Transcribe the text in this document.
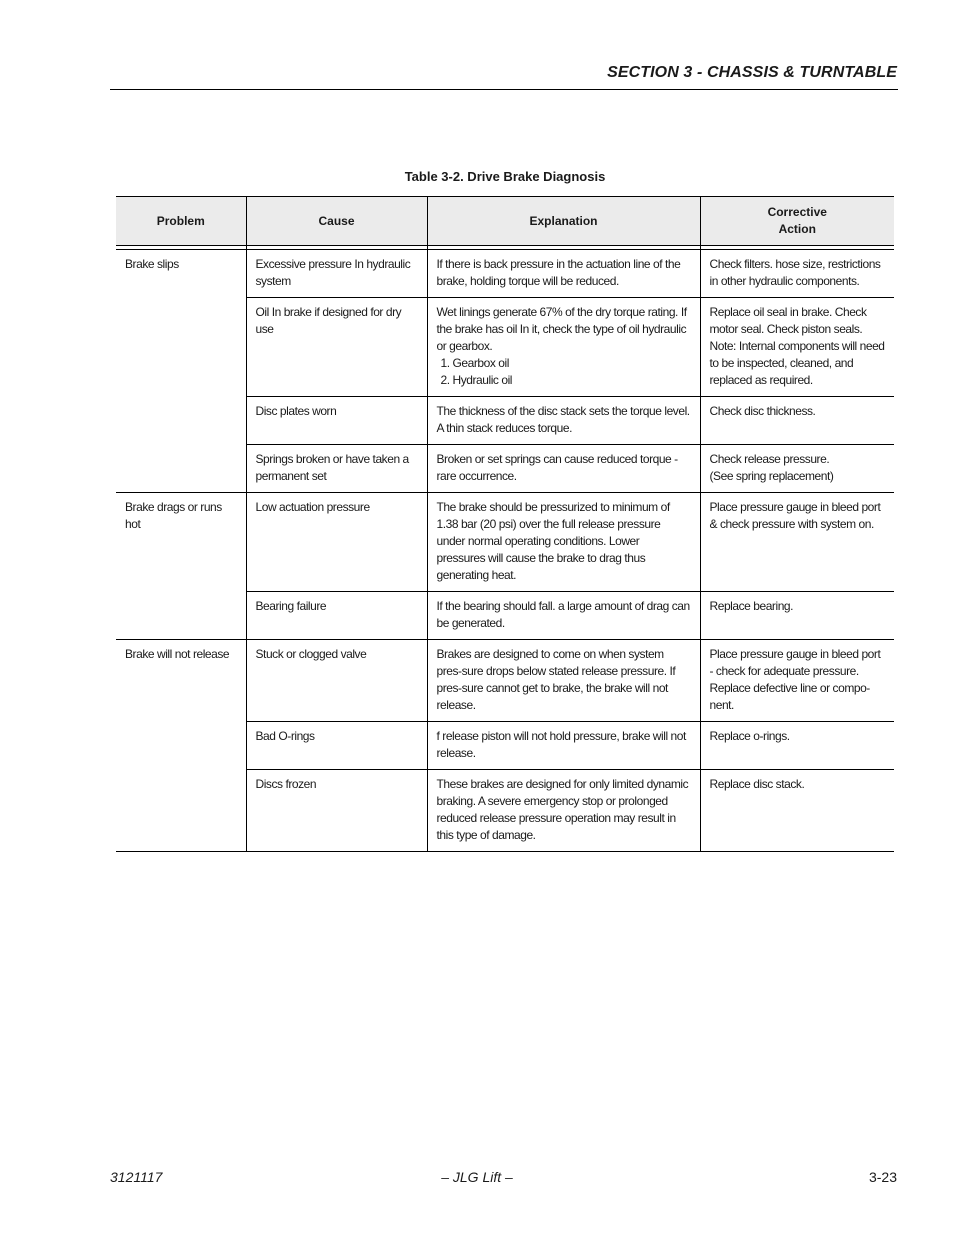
SECTION 3 - CHASSIS & TURNTABLE
Table 3-2. Drive Brake Diagnosis
Problem	Cause	Explanation	Corrective
Action

Brake slips	Excessive pressure In hydraulic system	If there is back pressure in the actuation line of the brake, holding torque will be reduced.	Check filters. hose size, restrictions in other hydraulic components.
	Oil In brake if designed for dry use	Wet linings generate 67% of the dry torque rating. If the brake has oil In it, check the type of oil hydraulic or gearbox.
1. Gearbox oil
2. Hydraulic oil	Replace oil seal in brake. Check motor seal. Check piston seals. Note: Internal components will need to be inspected, cleaned, and replaced as required.
	Disc plates worn	The thickness of the disc stack sets the torque level. A thin stack reduces torque.	Check disc thickness.
	Springs broken or have taken a permanent set	Broken or set springs can cause reduced torque - rare occurrence.	Check release pressure.
(See spring replacement)

Brake drags or runs hot	Low actuation pressure	The brake should be pressurized to minimum of 1.38 bar (20 psi) over the full release pressure under normal operating conditions. Lower pressures will cause the brake to drag thus generating heat.	Place pressure gauge in bleed port & check pressure with system on.
	Bearing failure	If the bearing should fall. a large amount of drag can be generated.	Replace bearing.
Brake will not release	Stuck or clogged valve	Brakes are designed to come on when system pres-sure drops below stated release pressure. If pres-sure cannot get to brake, the brake will not release.	Place pressure gauge in bleed port - check for adequate pressure. Replace defective line or compo-nent.
	Bad O-rings	f release piston will not hold pressure, brake will not release.	Replace o-rings.
	Discs frozen	These brakes are designed for only limited dynamic braking. A severe emergency stop or prolonged reduced release pressure operation may result in this type of damage.	Replace disc stack.
3121117	– JLG Lift –	3-23
